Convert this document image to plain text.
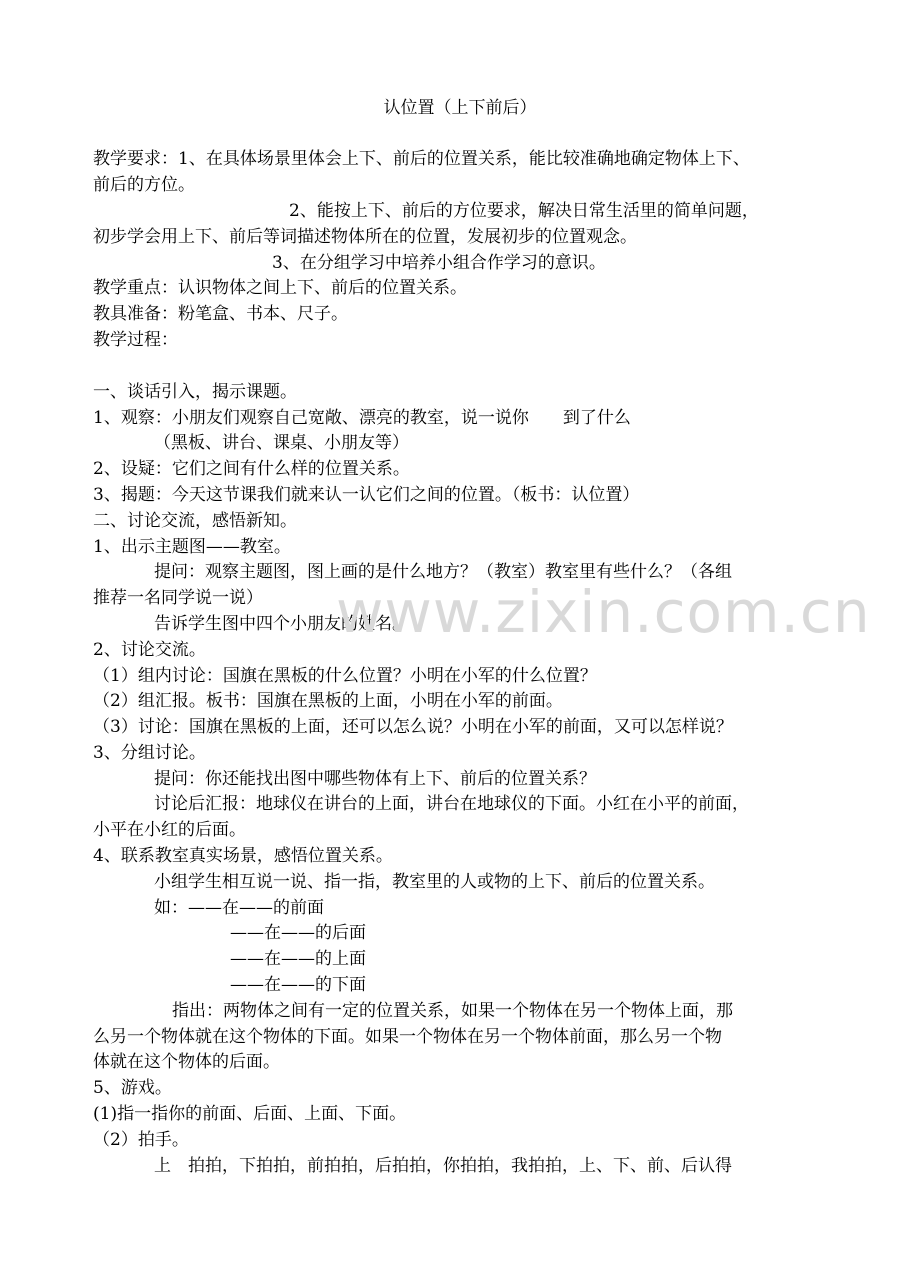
认位置（上下前后）
教学要求：1、在具体场景里体会上下、前后的位置关系，能比较准确地确定物体上下、
前后的方位。
2、能按上下、前后的方位要求，解决日常生活里的简单问题，
初步学会用上下、前后等词描述物体所在的位置，发展初步的位置观念。
3、在分组学习中培养小组合作学习的意识。
教学重点：认识物体之间上下、前后的位置关系。
教具准备：粉笔盒、书本、尺子。
教学过程：
一、谈话引入，揭示课题。
1、观察：小朋友们观察自己宽敞、漂亮的教室，说一说你　　到了什么
（黑板、讲台、课桌、小朋友等）
2、设疑：它们之间有什么样的位置关系。
3、揭题：今天这节课我们就来认一认它们之间的位置。（板书：认位置）
二、讨论交流，感悟新知。
1、出示主题图——教室。
提问：观察主题图，图上画的是什么地方？（教室）教室里有些什么？（各组
推荐一名同学说一说）
告诉学生图中四个小朋友的姓名。
2、讨论交流。
（1）组内讨论：国旗在黑板的什么位置？小明在小军的什么位置？
（2）组汇报。板书：国旗在黑板的上面，小明在小军的前面。
（3）讨论：国旗在黑板的上面，还可以怎么说？小明在小军的前面，又可以怎样说？
3、分组讨论。
提问：你还能找出图中哪些物体有上下、前后的位置关系？
讨论后汇报：地球仪在讲台的上面，讲台在地球仪的下面。小红在小平的前面，
小平在小红的后面。
4、联系教室真实场景，感悟位置关系。
小组学生相互说一说、指一指，教室里的人或物的上下、前后的位置关系。
如：——在——的前面
——在——的后面
——在——的上面
——在——的下面
指出：两物体之间有一定的位置关系，如果一个物体在另一个物体上面，那
么另一个物体就在这个物体的下面。如果一个物体在另一个物体前面，那么另一个物
体就在这个物体的后面。
5、游戏。
(1)指一指你的前面、后面、上面、下面。
（2）拍手。
上　拍拍，下拍拍，前拍拍，后拍拍，你拍拍，我拍拍，上、下、前、后认得
www.zixin.com.cn
